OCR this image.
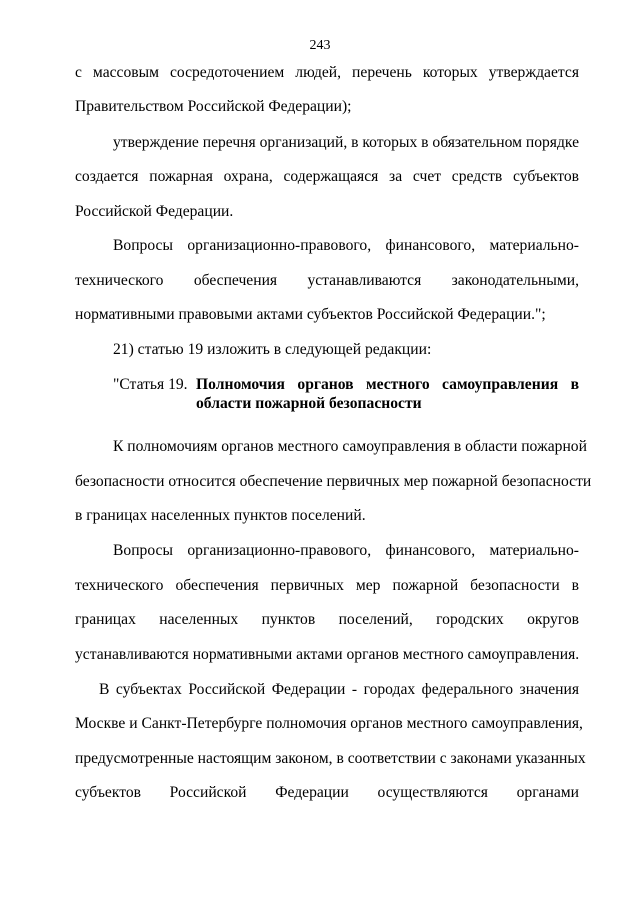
243
с массовым сосредоточением людей, перечень которых утверждается
Правительством Российской Федерации);
утверждение перечня организаций, в которых в обязательном порядке
создается пожарная охрана, содержащаяся за счет средств субъектов
Российской Федерации.
Вопросы организационно-правового, финансового, материально-
технического обеспечения устанавливаются законодательными,
нормативными правовыми актами субъектов Российской Федерации.";
21) статью 19 изложить в следующей редакции:
"Статья 19. Полномочия органов местного самоуправления в
области пожарной безопасности
К полномочиям органов местного самоуправления в области пожарной
безопасности относится обеспечение первичных мер пожарной безопасности
в границах населенных пунктов поселений.
Вопросы организационно-правового, финансового, материально-
технического обеспечения первичных мер пожарной безопасности в
границах населенных пунктов поселений, городских округов
устанавливаются нормативными актами органов местного самоуправления.
В субъектах Российской Федерации - городах федерального значения
Москве и Санкт-Петербурге полномочия органов местного самоуправления,
предусмотренные настоящим законом, в соответствии с законами указанных
субъектов Российской Федерации осуществляются органами
